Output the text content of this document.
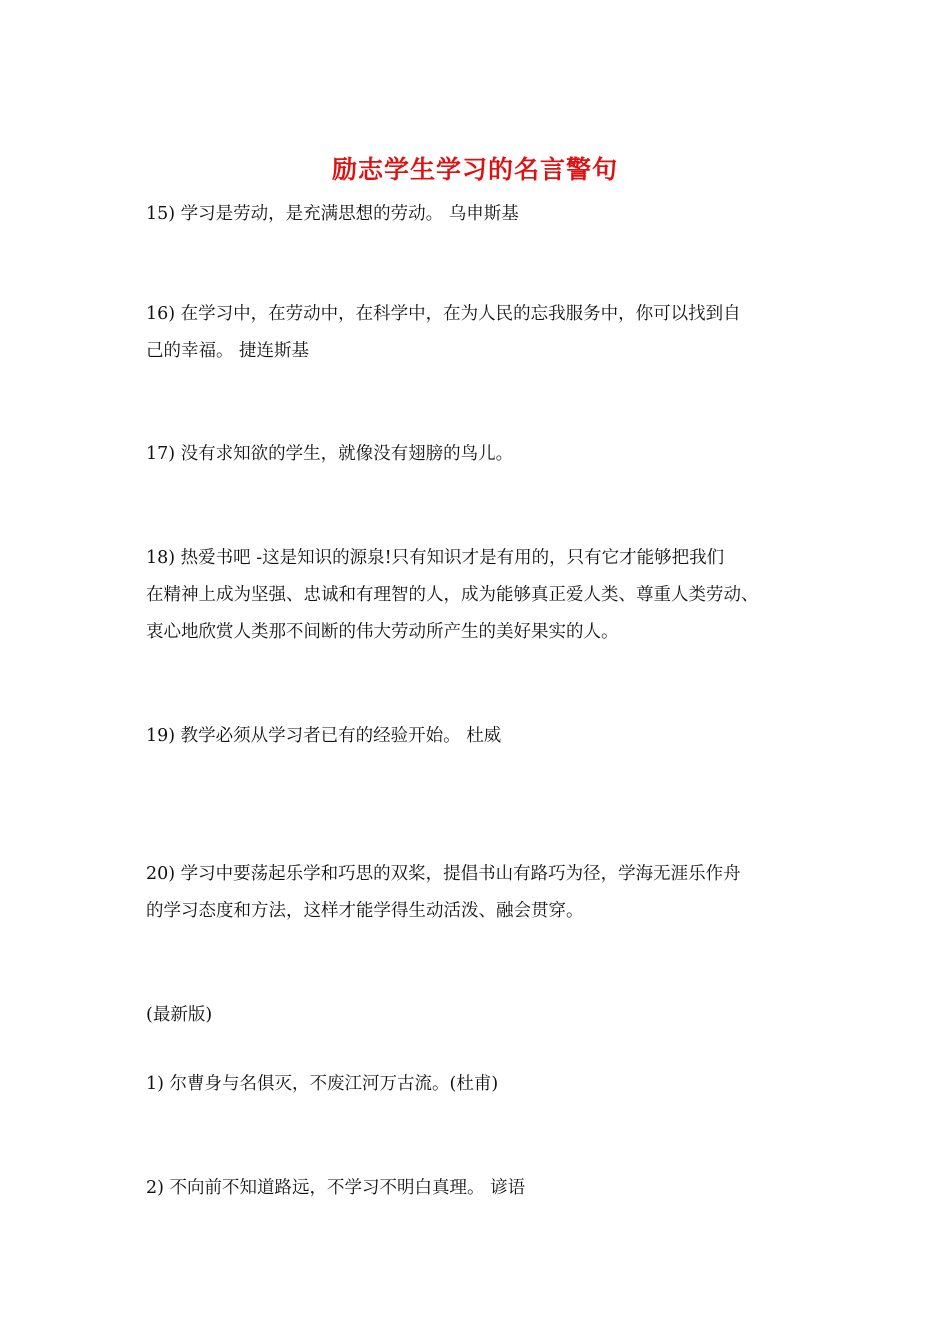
励志学生学习的名言警句
15) 学习是劳动，是充满思想的劳动。 乌申斯基
16) 在学习中，在劳动中，在科学中，在为人民的忘我服务中，你可以找到自
己的幸福。 捷连斯基
17) 没有求知欲的学生，就像没有翅膀的鸟儿。
18) 热爱书吧 -这是知识的源泉!只有知识才是有用的，只有它才能够把我们
在精神上成为坚强、忠诚和有理智的人，成为能够真正爱人类、尊重人类劳动、
衷心地欣赏人类那不间断的伟大劳动所产生的美好果实的人。
19) 教学必须从学习者已有的经验开始。 杜威
20) 学习中要荡起乐学和巧思的双桨，提倡书山有路巧为径，学海无涯乐作舟
的学习态度和方法，这样才能学得生动活泼、融会贯穿。
(最新版)
1) 尔曹身与名俱灭，不废江河万古流。(杜甫)
2) 不向前不知道路远，不学习不明白真理。 谚语
